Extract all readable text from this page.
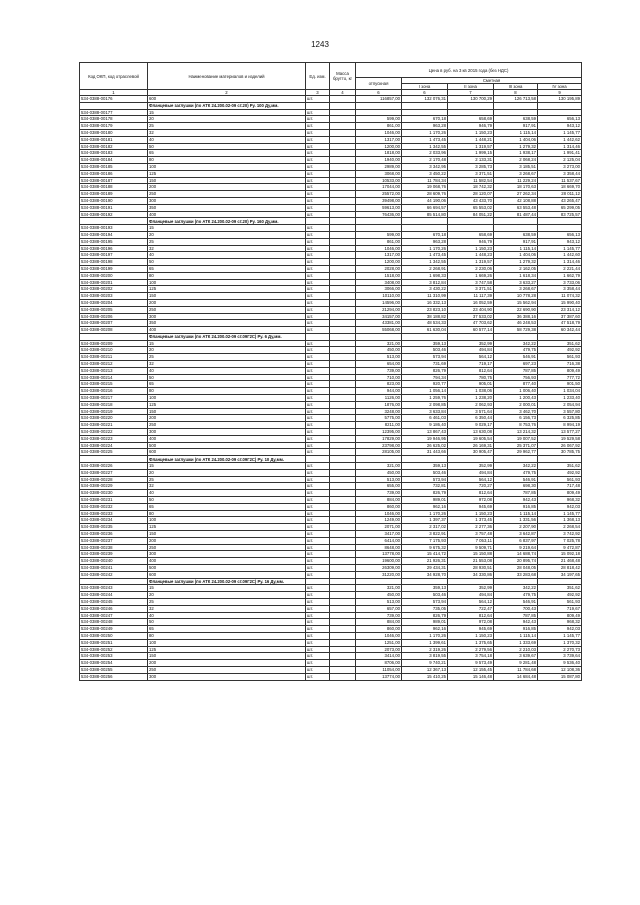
1243
Код ОКП, код отраслевой	Наименование материалов и изделий	Ед. изм.	Масса брутто, кг	Цена в руб. на 3 кв 2015 года (без НДС)				
				отпускная	Сметная			
					I зона	II зона	III зона	IV зона
1	2	3	4	6	6	7	8	9
534-0388-00176	600	шт.		116857,00	132 076,31	130 700,29	126 713,58	130 195,89
	Фланцевые заглушки (по АТК 24.200.02-09 ст.20) Ру. 100 Ду,мм.							
534-0388-00177	15	шт.						
534-0388-00178	20	шт.		599,00	670,18	658,69	638,59	656,13
534-0388-00179	25	шт.		861,00	963,28	946,79	917,91	943,12
534-0388-00180	32	шт.		1046,00	1 170,26	1 150,23	1 115,14	1 145,77
534-0388-00181	40	шт.		1317,00	1 473,45	1 448,21	1 404,06	1 442,62
534-0388-00182	50	шт.		1200,00	1 342,55	1 319,57	1 279,32	1 314,46
534-0388-00183	65	шт.		1818,00	2 033,96	1 999,15	1 938,17	1 991,41
534-0388-00184	80	шт.		1940,00	2 170,48	2 133,31	2 068,24	2 125,04
534-0388-00185	100	шт.		2989,00	3 342,95	3 285,73	3 185,51	3 273,00
534-0388-00186	125	шт.		3068,00	3 450,22	3 371,51	3 268,67	3 358,44
534-0388-00187	150	шт.		10533,00	11 784,34	11 582,54	11 229,24	11 537,67
534-0388-00188	200	шт.		17044,00	19 068,76	18 742,32	18 170,63	18 669,70
534-0388-00189	250	шт.		25572,00	28 609,76	28 120,07	27 262,34	28 011,12
534-0388-00190	300	шт.		39498,00	44 190,06	43 433,70	42 108,88	43 265,47
534-0388-00191	350	шт.		59613,00	66 694,57	65 553,02	63 553,48	65 299,05
534-0388-00192	400	шт.		76436,00	85 514,80	84 051,22	81 487,44	83 725,57
	Фланцевые заглушки (по АТК 24.200.02-09 ст.20) Ру. 160 Ду,мм.							
534-0388-00193	15	шт.						
534-0388-00194	20	шт.		599,00	670,18	658,69	638,59	656,13
534-0388-00195	25	шт.		861,00	963,28	946,79	917,91	943,12
534-0388-00196	32	шт.		1046,00	1 170,26	1 150,23	1 115,14	1 145,77
534-0388-00197	40	шт.		1317,00	1 473,45	1 448,23	1 404,06	1 442,60
534-0388-00198	50	шт.		1200,00	1 342,55	1 319,57	1 279,32	1 314,46
534-0388-00199	65	шт.		2028,00	2 268,91	2 230,06	2 162,05	2 221,44
534-0388-00200	80	шт.		1518,00	1 698,33	1 669,26	1 618,34	1 662,79
534-0388-00201	100	шт.		3408,00	3 812,84	3 747,58	3 633,27	3 733,06
534-0388-00202	125	шт.		3066,00	3 430,22	3 371,51	3 268,67	3 358,44
534-0388-00203	150	шт.		10110,00	11 310,99	11 117,39	10 778,28	11 074,32
534-0388-00204	200	шт.		14596,00	16 332,13	16 052,59	15 562,94	15 990,40
534-0388-00205	250	шт.		21294,00	23 823,10	23 404,90	22 690,90	23 314,12
534-0388-00206	300	шт.		34157,00	38 188,82	37 533,02	36 388,16	37 387,60
534-0388-00207	350	шт.		43381,00	48 534,33	47 703,62	46 248,53	47 518,79
534-0388-00208	400	шт.		55068,00	61 630,04	60 577,14	58 729,38	60 342,44
	Фланцевые заглушки (по АТК 24.200.02-09 ст.09Г2С) Ру. 6 Ду,мм.							
534-0388-00209	15	шт.		321,00	359,13	352,99	342,22	351,62
534-0388-00210	20	шт.		450,00	503,46	494,84	479,75	492,92
534-0388-00211	25	шт.		513,00	573,94	564,12	546,91	561,93
534-0388-00212	32	шт.		654,00	731,69	719,17	697,23	716,38
534-0388-00213	40	шт.		739,00	826,79	812,64	787,85	809,49
534-0388-00214	50	шт.		710,00	794,34	780,75	756,93	777,72
534-0388-00215	65	шт.		823,00	920,77	905,01	877,40	901,50
534-0388-00216	80	шт.		944,00	1 056,14	1 038,06	1 006,40	1 034,04
534-0388-00217	100	шт.		1126,00	1 259,76	1 238,20	1 200,43	1 233,40
534-0388-00218	125	шт.		1876,00	2 098,85	2 062,93	2 000,01	2 054,94
534-0388-00219	150	шт.		3248,00	3 633,84	3 571,64	3 462,70	3 557,80
534-0388-00220	200	шт.		5775,00	6 461,03	6 350,44	6 156,73	6 325,85
534-0388-00221	250	шт.		8211,00	9 186,40	9 029,17	8 753,76	8 994,19
534-0388-00222	300	шт.		12395,00	13 867,43	13 630,08	13 214,32	13 577,27
534-0388-00223	400	шт.		17829,00	19 946,95	19 605,54	19 007,52	19 529,58
534-0388-00224	500	шт.		23798,00	26 625,02	26 169,31	25 371,07	26 067,92
534-0388-00225	600	шт.		28105,00	31 443,66	30 905,47	29 962,77	30 785,75
	Фланцевые заглушки (по АТК 24.200.02-09 ст.09Г2С) Ру. 10 Ду,мм.							
534-0388-00226	15	шт.		321,00	359,13	352,99	342,22	351,62
534-0388-00227	20	шт.		450,00	503,46	494,84	479,75	492,92
534-0388-00228	25	шт.		513,00	573,94	564,12	546,91	561,93
534-0388-00229	32	шт.		655,00	732,81	720,27	698,30	717,48
534-0388-00230	40	шт.		739,00	826,79	812,64	787,85	809,49
534-0388-00231	50	шт.		884,00	989,01	972,08	942,43	968,32
534-0388-00232	65	шт.		860,00	962,16	945,69	916,85	942,03
534-0388-00233	80	шт.		1046,00	1 170,26	1 150,23	1 115,14	1 145,77
534-0388-00234	100	шт.		1249,00	1 397,37	1 373,45	1 331,56	1 368,13
534-0388-00235	125	шт.		2071,00	2 317,02	2 277,36	2 207,90	2 268,54
534-0388-00236	150	шт.		3417,00	3 822,91	3 757,48	3 642,87	3 742,92
534-0388-00237	200	шт.		6414,00	7 175,93	7 053,11	6 837,97	7 025,78
534-0388-00238	250	шт.		8648,00	9 675,32	9 509,71	9 219,64	9 472,87
534-0388-00239	300	шт.		13778,00	15 414,72	15 150,88	14 688,74	15 092,18
534-0388-00240	400	шт.		19600,00	21 926,31	21 553,08	20 895,74	21 468,48
534-0388-00241	500	шт.		26309,00	29 434,31	28 930,51	28 048,05	28 818,42
534-0388-00242	600	шт.		31220,00	34 928,70	34 330,86	33 283,68	34 197,65
	Фланцевые заглушки (по АТК 24.200.02-09 ст.09Г2С) Ру. 16 Ду,мм.							
534-0388-00243	15	шт.		321,00	359,13	352,99	342,22	351,62
534-0388-00244	20	шт.		450,00	503,46	494,84	479,75	492,92
534-0388-00245	25	шт.		513,00	573,94	564,12	546,91	561,93
534-0388-00246	32	шт.		657,00	735,05	722,47	700,43	719,67
534-0388-00247	40	шт.		739,00	826,79	812,64	787,85	809,49
534-0388-00248	50	шт.		884,00	989,01	972,08	942,43	968,32
534-0388-00249	65	шт.		860,00	962,16	945,69	916,85	942,03
534-0388-00250	80	шт.		1046,00	1 170,26	1 150,23	1 115,14	1 145,77
534-0388-00251	100	шт.		1251,00	1 399,61	1 375,65	1 333,69	1 370,32
534-0388-00252	125	шт.		2073,00	2 319,26	2 279,56	2 210,03	2 270,73
534-0388-00253	150	шт.		3414,00	3 819,55	3 754,18	3 639,67	3 739,64
534-0388-00254	200	шт.		8706,00	9 740,21	9 573,49	9 281,48	9 536,40
534-0388-00255	250	шт.		11054,00	12 367,13	12 155,45	11 784,68	12 108,36
534-0388-00256	300	шт.		13774,00	15 410,25	15 146,48	14 684,48	15 087,80
